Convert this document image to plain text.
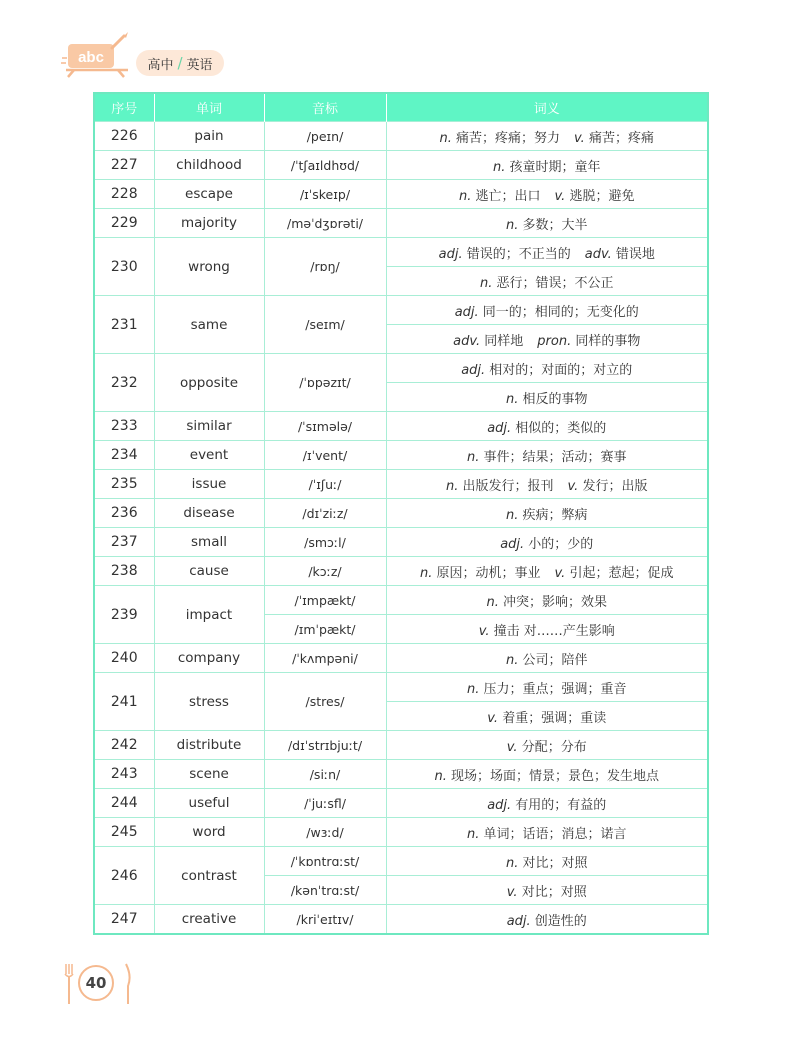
abc	高中 / 英语
序号	单词	音标	词义
226	pain	/peɪn/	n. 痛苦；疼痛；努力 v. 痛苦；疼痛
227	childhood	/ˈtʃaɪldhʊd/	n. 孩童时期；童年
228	escape	/ɪˈskeɪp/	n. 逃亡；出口 v. 逃脱；避免
229	majority	/məˈdʒɒrəti/	n. 多数；大半
230	wrong	/rɒŋ/	adj. 错误的；不正当的 adv. 错误地
			n. 恶行；错误；不公正
231	same	/seɪm/	adj. 同一的；相同的；无变化的
			adv. 同样地 pron. 同样的事物
232	opposite	/ˈɒpəzɪt/	adj. 相对的；对面的；对立的
			n. 相反的事物
233	similar	/ˈsɪmələ/	adj. 相似的；类似的
234	event	/ɪˈvent/	n. 事件；结果；活动；赛事
235	issue	/ˈɪʃuː/	n. 出版发行；报刊 v. 发行；出版
236	disease	/dɪˈziːz/	n. 疾病；弊病
237	small	/smɔːl/	adj. 小的；少的
238	cause	/kɔːz/	n. 原因；动机；事业 v. 引起；惹起；促成
239	impact	/ˈɪmpækt/	n. 冲突；影响；效果
		/ɪmˈpækt/	v. 撞击 对……产生影响
240	company	/ˈkʌmpəni/	n. 公司；陪伴
241	stress	/stres/	n. 压力；重点；强调；重音
			v. 着重；强调；重读
242	distribute	/dɪˈstrɪbjuːt/	v. 分配；分布
243	scene	/siːn/	n. 现场；场面；情景；景色；发生地点
244	useful	/ˈjuːsfl/	adj. 有用的；有益的
245	word	/wɜːd/	n. 单词；话语；消息；诺言
246	contrast	/ˈkɒntrɑːst/	n. 对比；对照
		/kənˈtrɑːst/	v. 对比；对照
247	creative	/kriˈeɪtɪv/	adj. 创造性的
40
